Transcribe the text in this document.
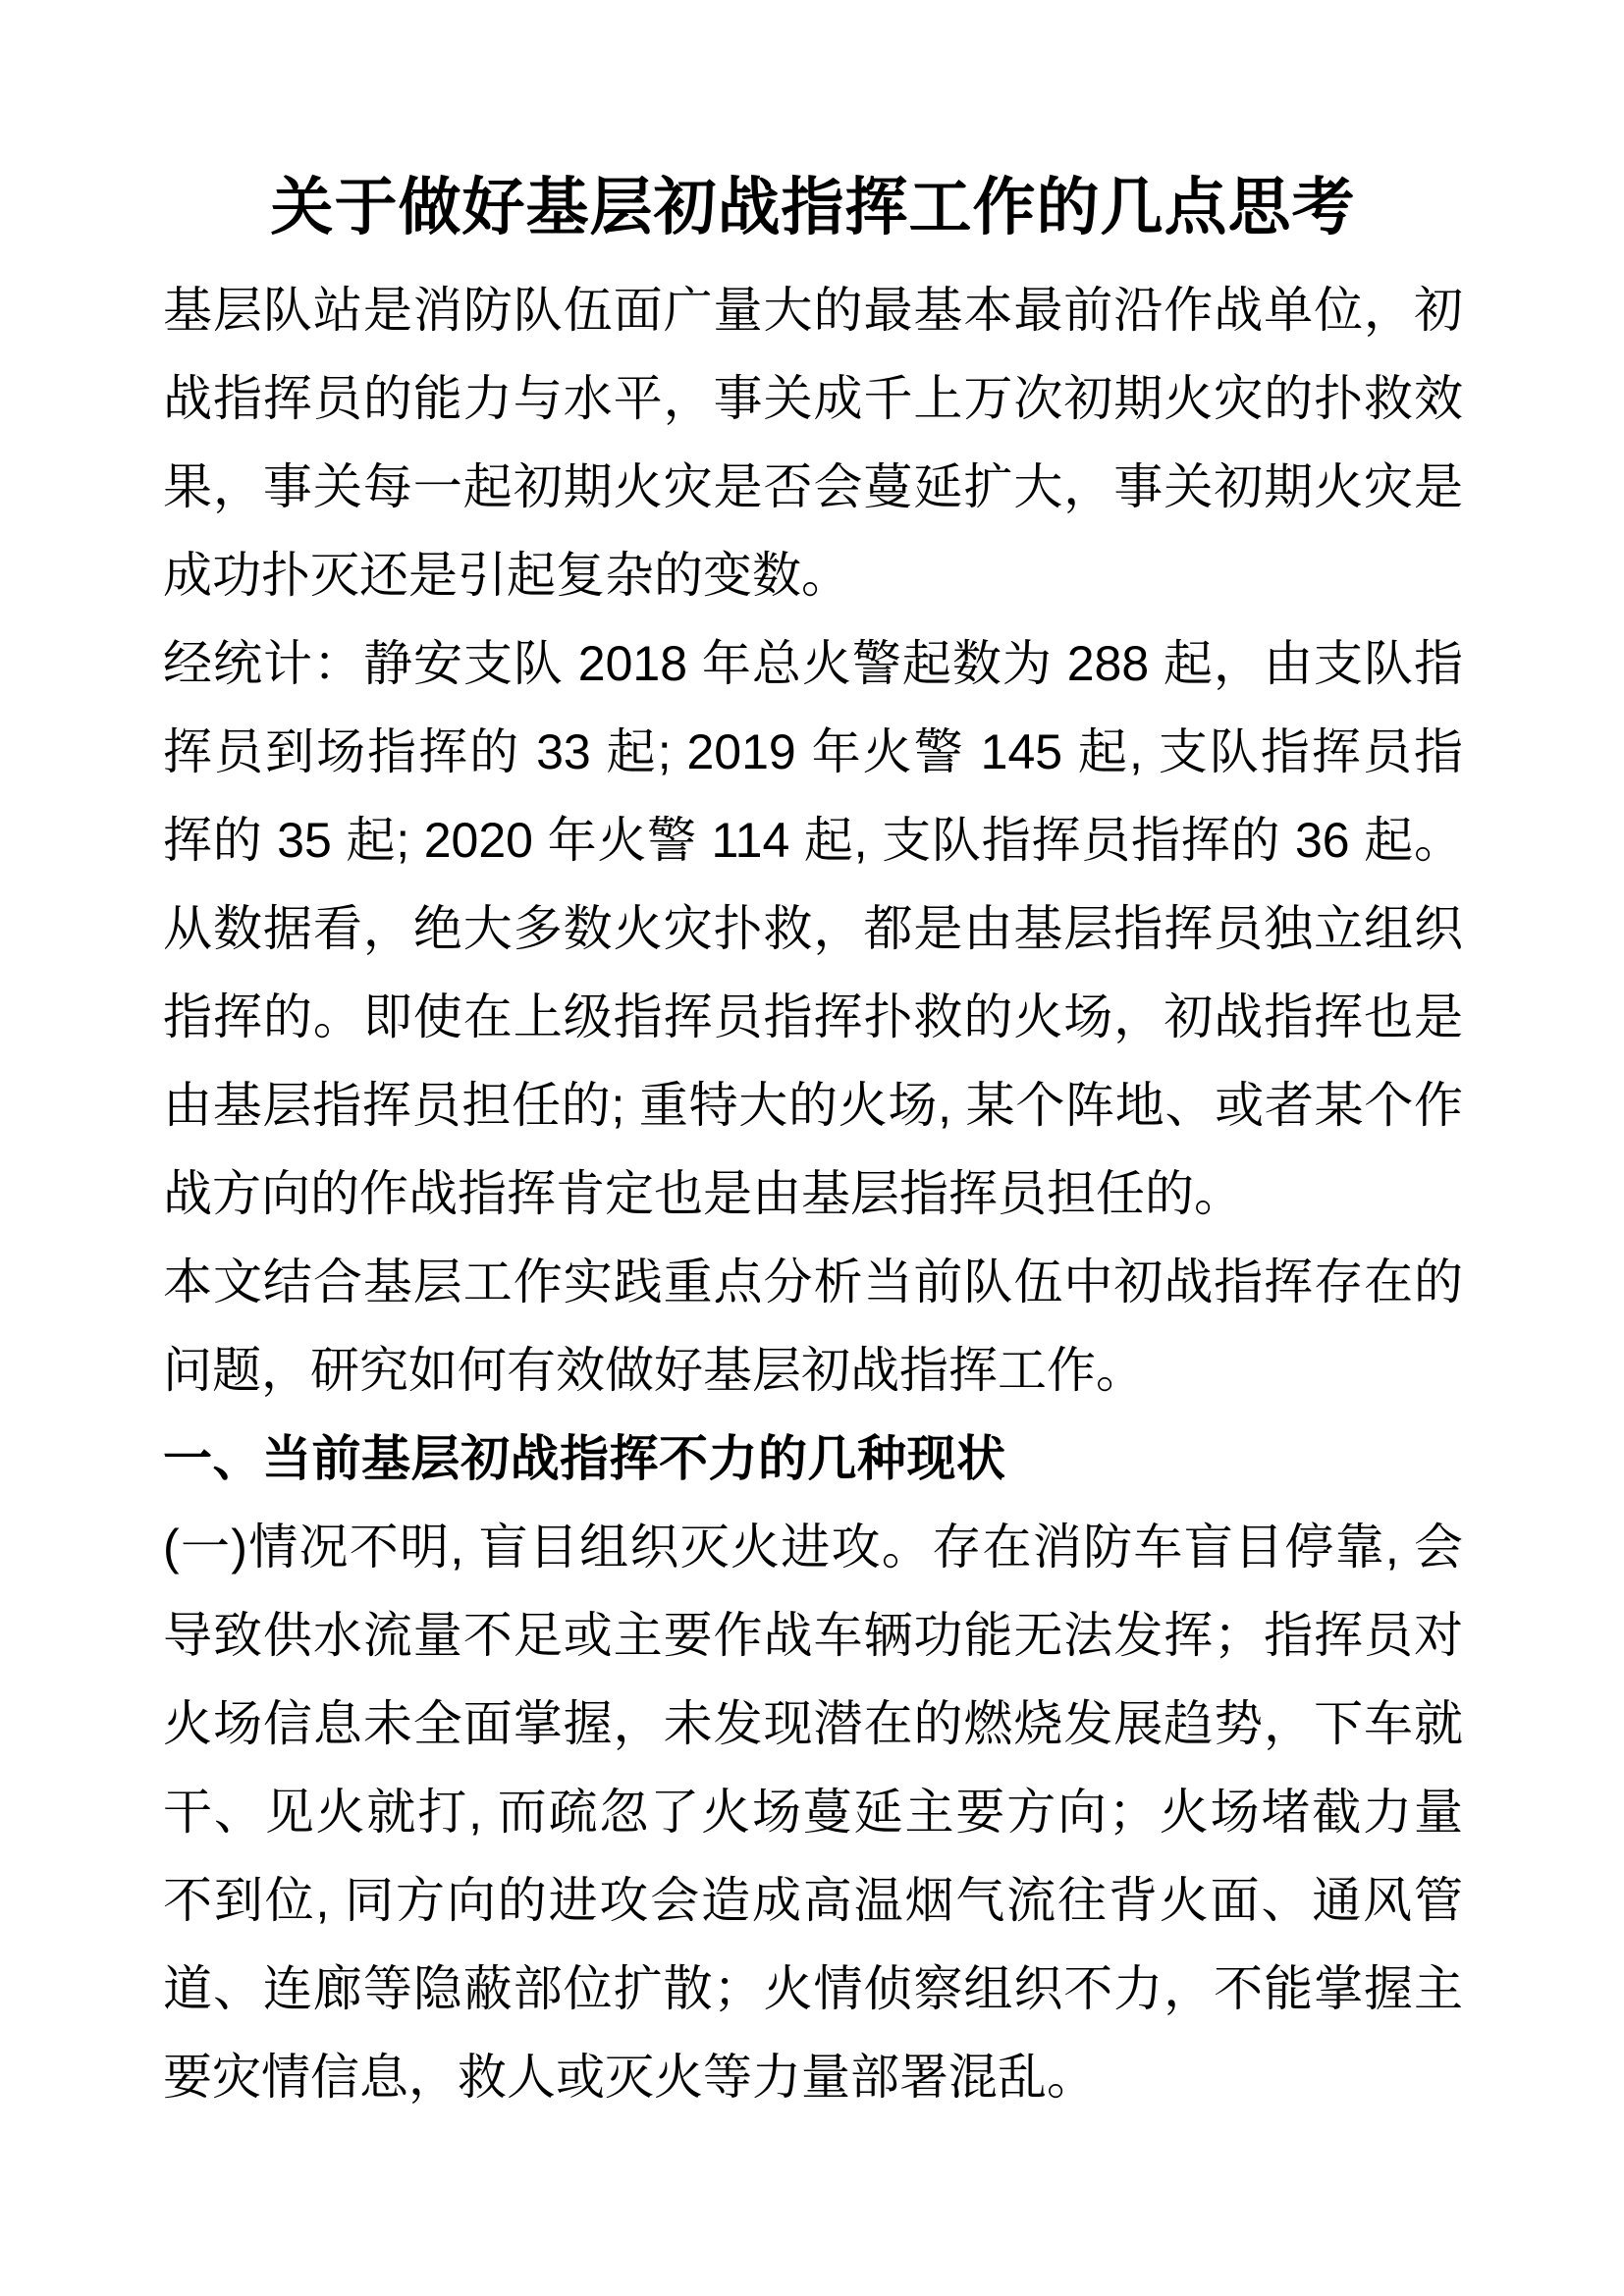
关于做好基层初战指挥工作的几点思考

基层队站是消防队伍面广量大的最基本最前沿作战单位，初战指挥员的能力与水平，事关成千上万次初期火灾的扑救效果，事关每一起初期火灾是否会蔓延扩大，事关初期火灾是成功扑灭还是引起复杂的变数。

经统计：静安支队 2018 年总火警起数为 288 起，由支队指挥员到场指挥的 33 起; 2019 年火警 145 起, 支队指挥员指挥的 35 起; 2020 年火警 114 起, 支队指挥员指挥的 36 起。从数据看，绝大多数火灾扑救，都是由基层指挥员独立组织指挥的。即使在上级指挥员指挥扑救的火场，初战指挥也是由基层指挥员担任的; 重特大的火场, 某个阵地、或者某个作战方向的作战指挥肯定也是由基层指挥员担任的。

本文结合基层工作实践重点分析当前队伍中初战指挥存在的问题，研究如何有效做好基层初战指挥工作。

一、当前基层初战指挥不力的几种现状

(一)情况不明, 盲目组织灭火进攻。存在消防车盲目停靠, 会导致供水流量不足或主要作战车辆功能无法发挥；指挥员对火场信息未全面掌握，未发现潜在的燃烧发展趋势，下车就干、见火就打, 而疏忽了火场蔓延主要方向；火场堵截力量不到位, 同方向的进攻会造成高温烟气流往背火面、通风管道、连廊等隐蔽部位扩散；火情侦察组织不力，不能掌握主要灾情信息，救人或灭火等力量部署混乱。
